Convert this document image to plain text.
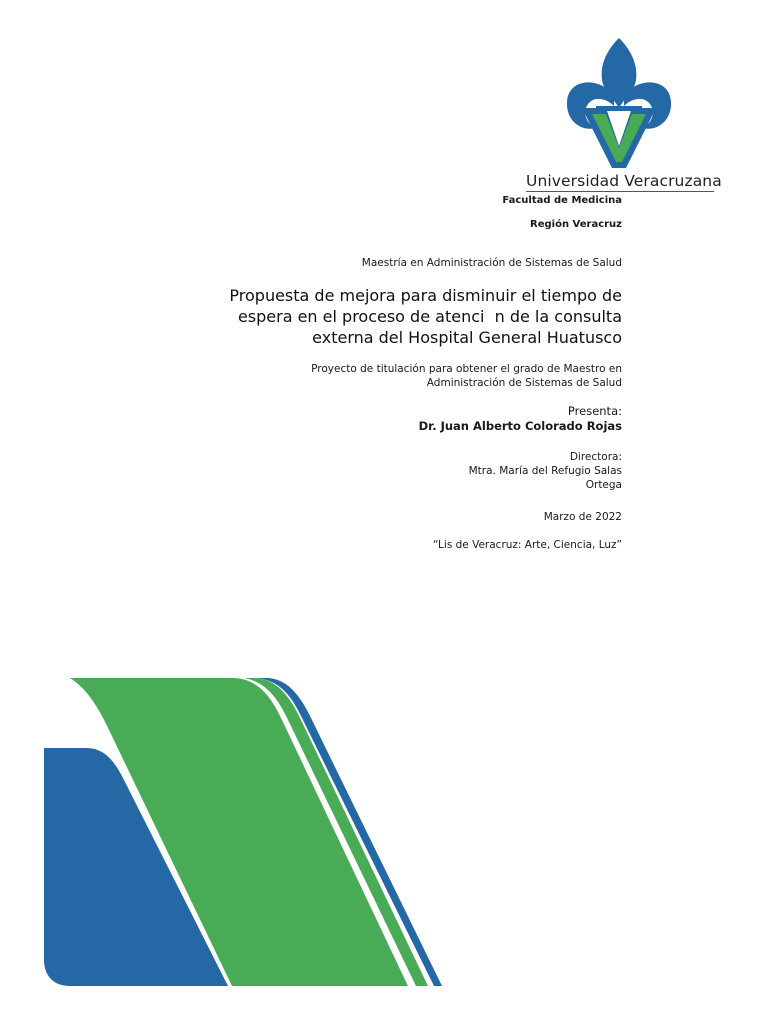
Universidad Veracruzana
Facultad de Medicina
Región Veracruz
Maestría en Administración de Sistemas de Salud
Propuesta de mejora para disminuir el tiempo de
espera en el proceso de atenci  n de la consulta
externa del Hospital General Huatusco
Proyecto de titulación para obtener el grado de Maestro en
Administración de Sistemas de Salud
Presenta:
Dr. Juan Alberto Colorado Rojas
Directora:
Mtra. María del Refugio Salas
Ortega
Marzo de 2022
“Lis de Veracruz: Arte, Ciencia, Luz”
